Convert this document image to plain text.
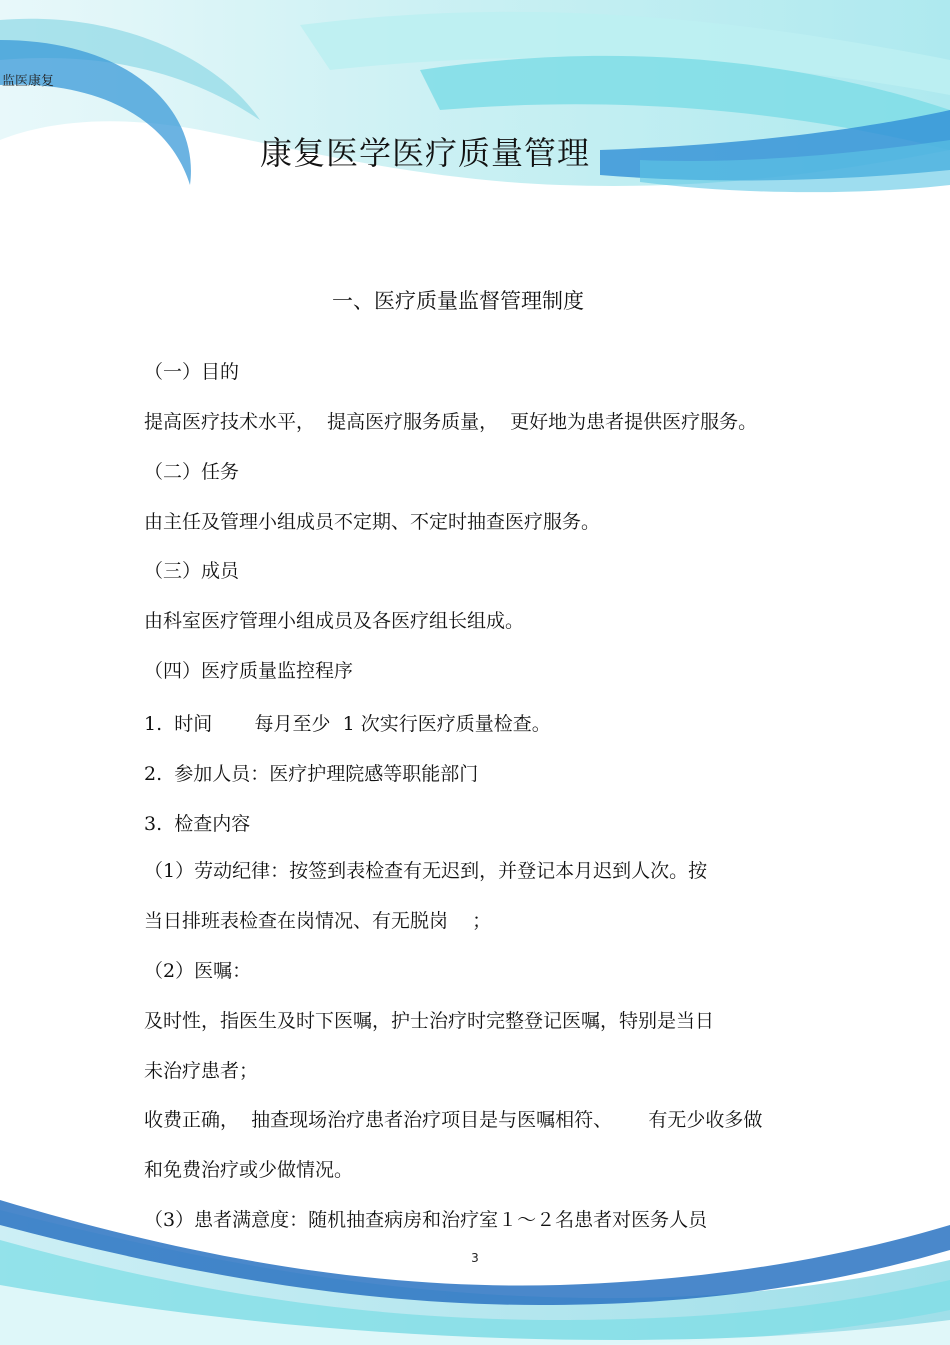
监医康复
康复医学医疗质量管理
一、医疗质量监督管理制度
（一）目的
提高医疗技术水平，  提高医疗服务质量，  更好地为患者提供医疗服务。
（二）任务
由主任及管理小组成员不定期、不定时抽查医疗服务。
（三）成员
由科室医疗管理小组成员及各医疗组长组成。
（四）医疗质量监控程序
1.  时间       每月至少  1 次实行医疗质量检查。
2.  参加人员：医疗护理院感等职能部门
3.  检查内容
（1）劳动纪律：按签到表检查有无迟到，并登记本月迟到人次。按
当日排班表检查在岗情况、有无脱岗    ；
（2）医嘱：
及时性，指医生及时下医嘱，护士治疗时完整登记医嘱，特别是当日
未治疗患者；
收费正确，  抽查现场治疗患者治疗项目是与医嘱相符、      有无少收多做
和免费治疗或少做情况。
（3）患者满意度：随机抽查病房和治疗室１～２名患者对医务人员
3
